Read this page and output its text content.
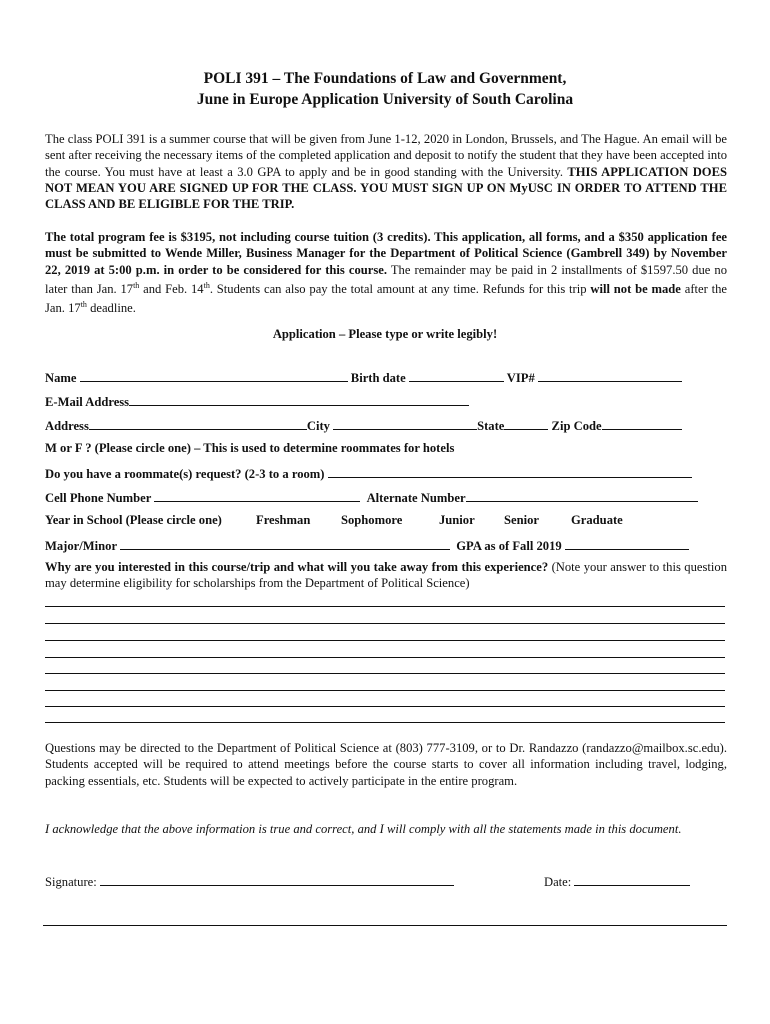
POLI 391 – The Foundations of Law and Government,
June in Europe Application University of South Carolina
The class POLI 391 is a summer course that will be given from June 1-12, 2020 in London, Brussels, and The Hague. An email will be sent after receiving the necessary items of the completed application and deposit to notify the student that they have been accepted into the course. You must have at least a 3.0 GPA to apply and be in good standing with the University. THIS APPLICATION DOES NOT MEAN YOU ARE SIGNED UP FOR THE CLASS. YOU MUST SIGN UP ON MyUSC IN ORDER TO ATTEND THE CLASS AND BE ELIGIBLE FOR THE TRIP.
The total program fee is $3195, not including course tuition (3 credits). This application, all forms, and a $350 application fee must be submitted to Wende Miller, Business Manager for the Department of Political Science (Gambrell 349) by November 22, 2019 at 5:00 p.m. in order to be considered for this course. The remainder may be paid in 2 installments of $1597.50 due no later than Jan. 17th and Feb. 14th. Students can also pay the total amount at any time. Refunds for this trip will not be made after the Jan. 17th deadline.
Application – Please type or write legibly!
Name	Birth date	VIP#
E-Mail Address
Address	City	State	Zip Code
M or F ? (Please circle one) – This is used to determine roommates for hotels
Do you have a roommate(s) request? (2-3 to a room)
Cell Phone Number	Alternate Number
Year in School (Please circle one)	Freshman Sophomore	Junior Senior	Graduate
Major/Minor	GPA as of Fall 2019
Why are you interested in this course/trip and what will you take away from this experience? (Note your answer to this question may determine eligibility for scholarships from the Department of Political Science)
Questions may be directed to the Department of Political Science at (803) 777-3109, or to Dr. Randazzo (randazzo@mailbox.sc.edu). Students accepted will be required to attend meetings before the course starts to cover all information including travel, lodging, packing essentials, etc. Students will be expected to actively participate in the entire program.
I acknowledge that the above information is true and correct, and I will comply with all the statements made in this document.
Signature:	Date:
